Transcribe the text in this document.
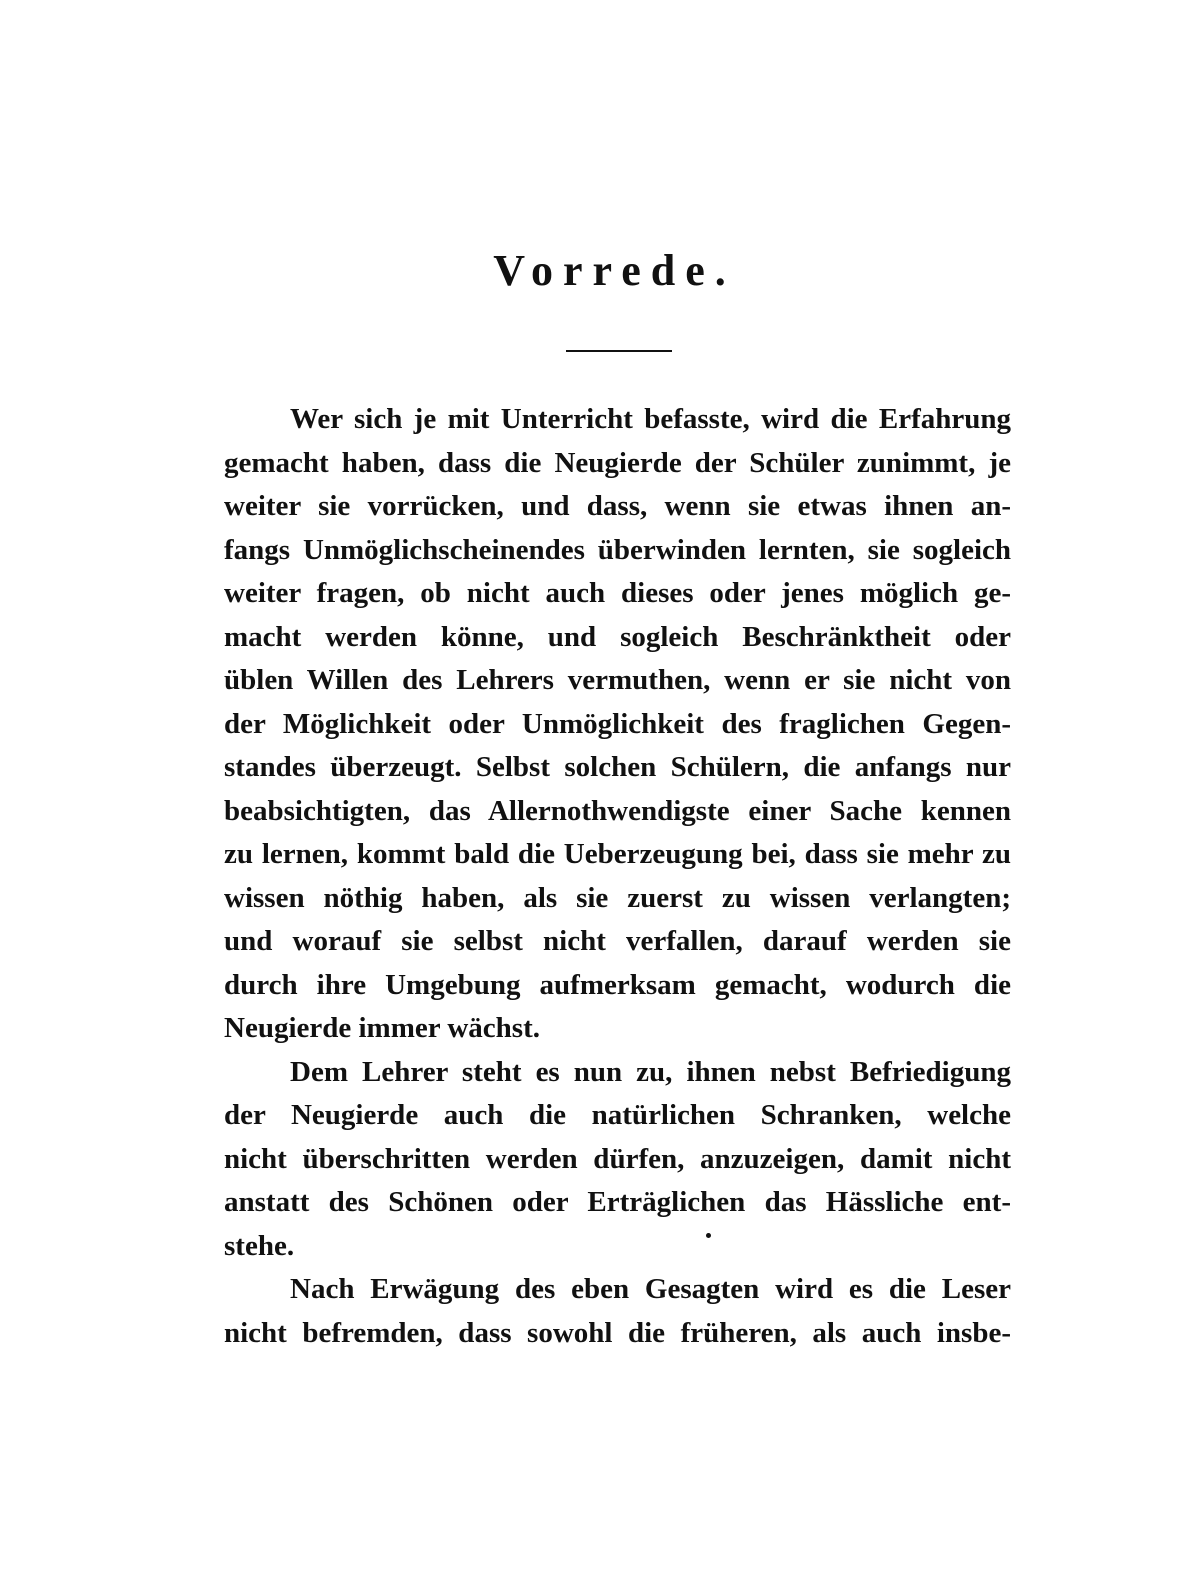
Vorrede.
Wer sich je mit Unterricht befasste, wird die Erfahrung
gemacht haben, dass die Neugierde der Schüler zunimmt, je
weiter sie vorrücken, und dass, wenn sie etwas ihnen an-
fangs Unmöglichscheinendes überwinden lernten, sie sogleich
weiter fragen, ob nicht auch dieses oder jenes möglich ge-
macht werden könne, und sogleich Beschränktheit oder
üblen Willen des Lehrers vermuthen, wenn er sie nicht von
der Möglichkeit oder Unmöglichkeit des fraglichen Gegen-
standes überzeugt. Selbst solchen Schülern, die anfangs nur
beabsichtigten, das Allernothwendigste einer Sache kennen
zu lernen, kommt bald die Ueberzeugung bei, dass sie mehr zu
wissen nöthig haben, als sie zuerst zu wissen verlangten;
und worauf sie selbst nicht verfallen, darauf werden sie
durch ihre Umgebung aufmerksam gemacht, wodurch die
Neugierde immer wächst.
Dem Lehrer steht es nun zu, ihnen nebst Befriedigung
der Neugierde auch die natürlichen Schranken, welche
nicht überschritten werden dürfen, anzuzeigen, damit nicht
anstatt des Schönen oder Erträglichen das Hässliche ent-
stehe.
Nach Erwägung des eben Gesagten wird es die Leser
nicht befremden, dass sowohl die früheren, als auch insbe-
